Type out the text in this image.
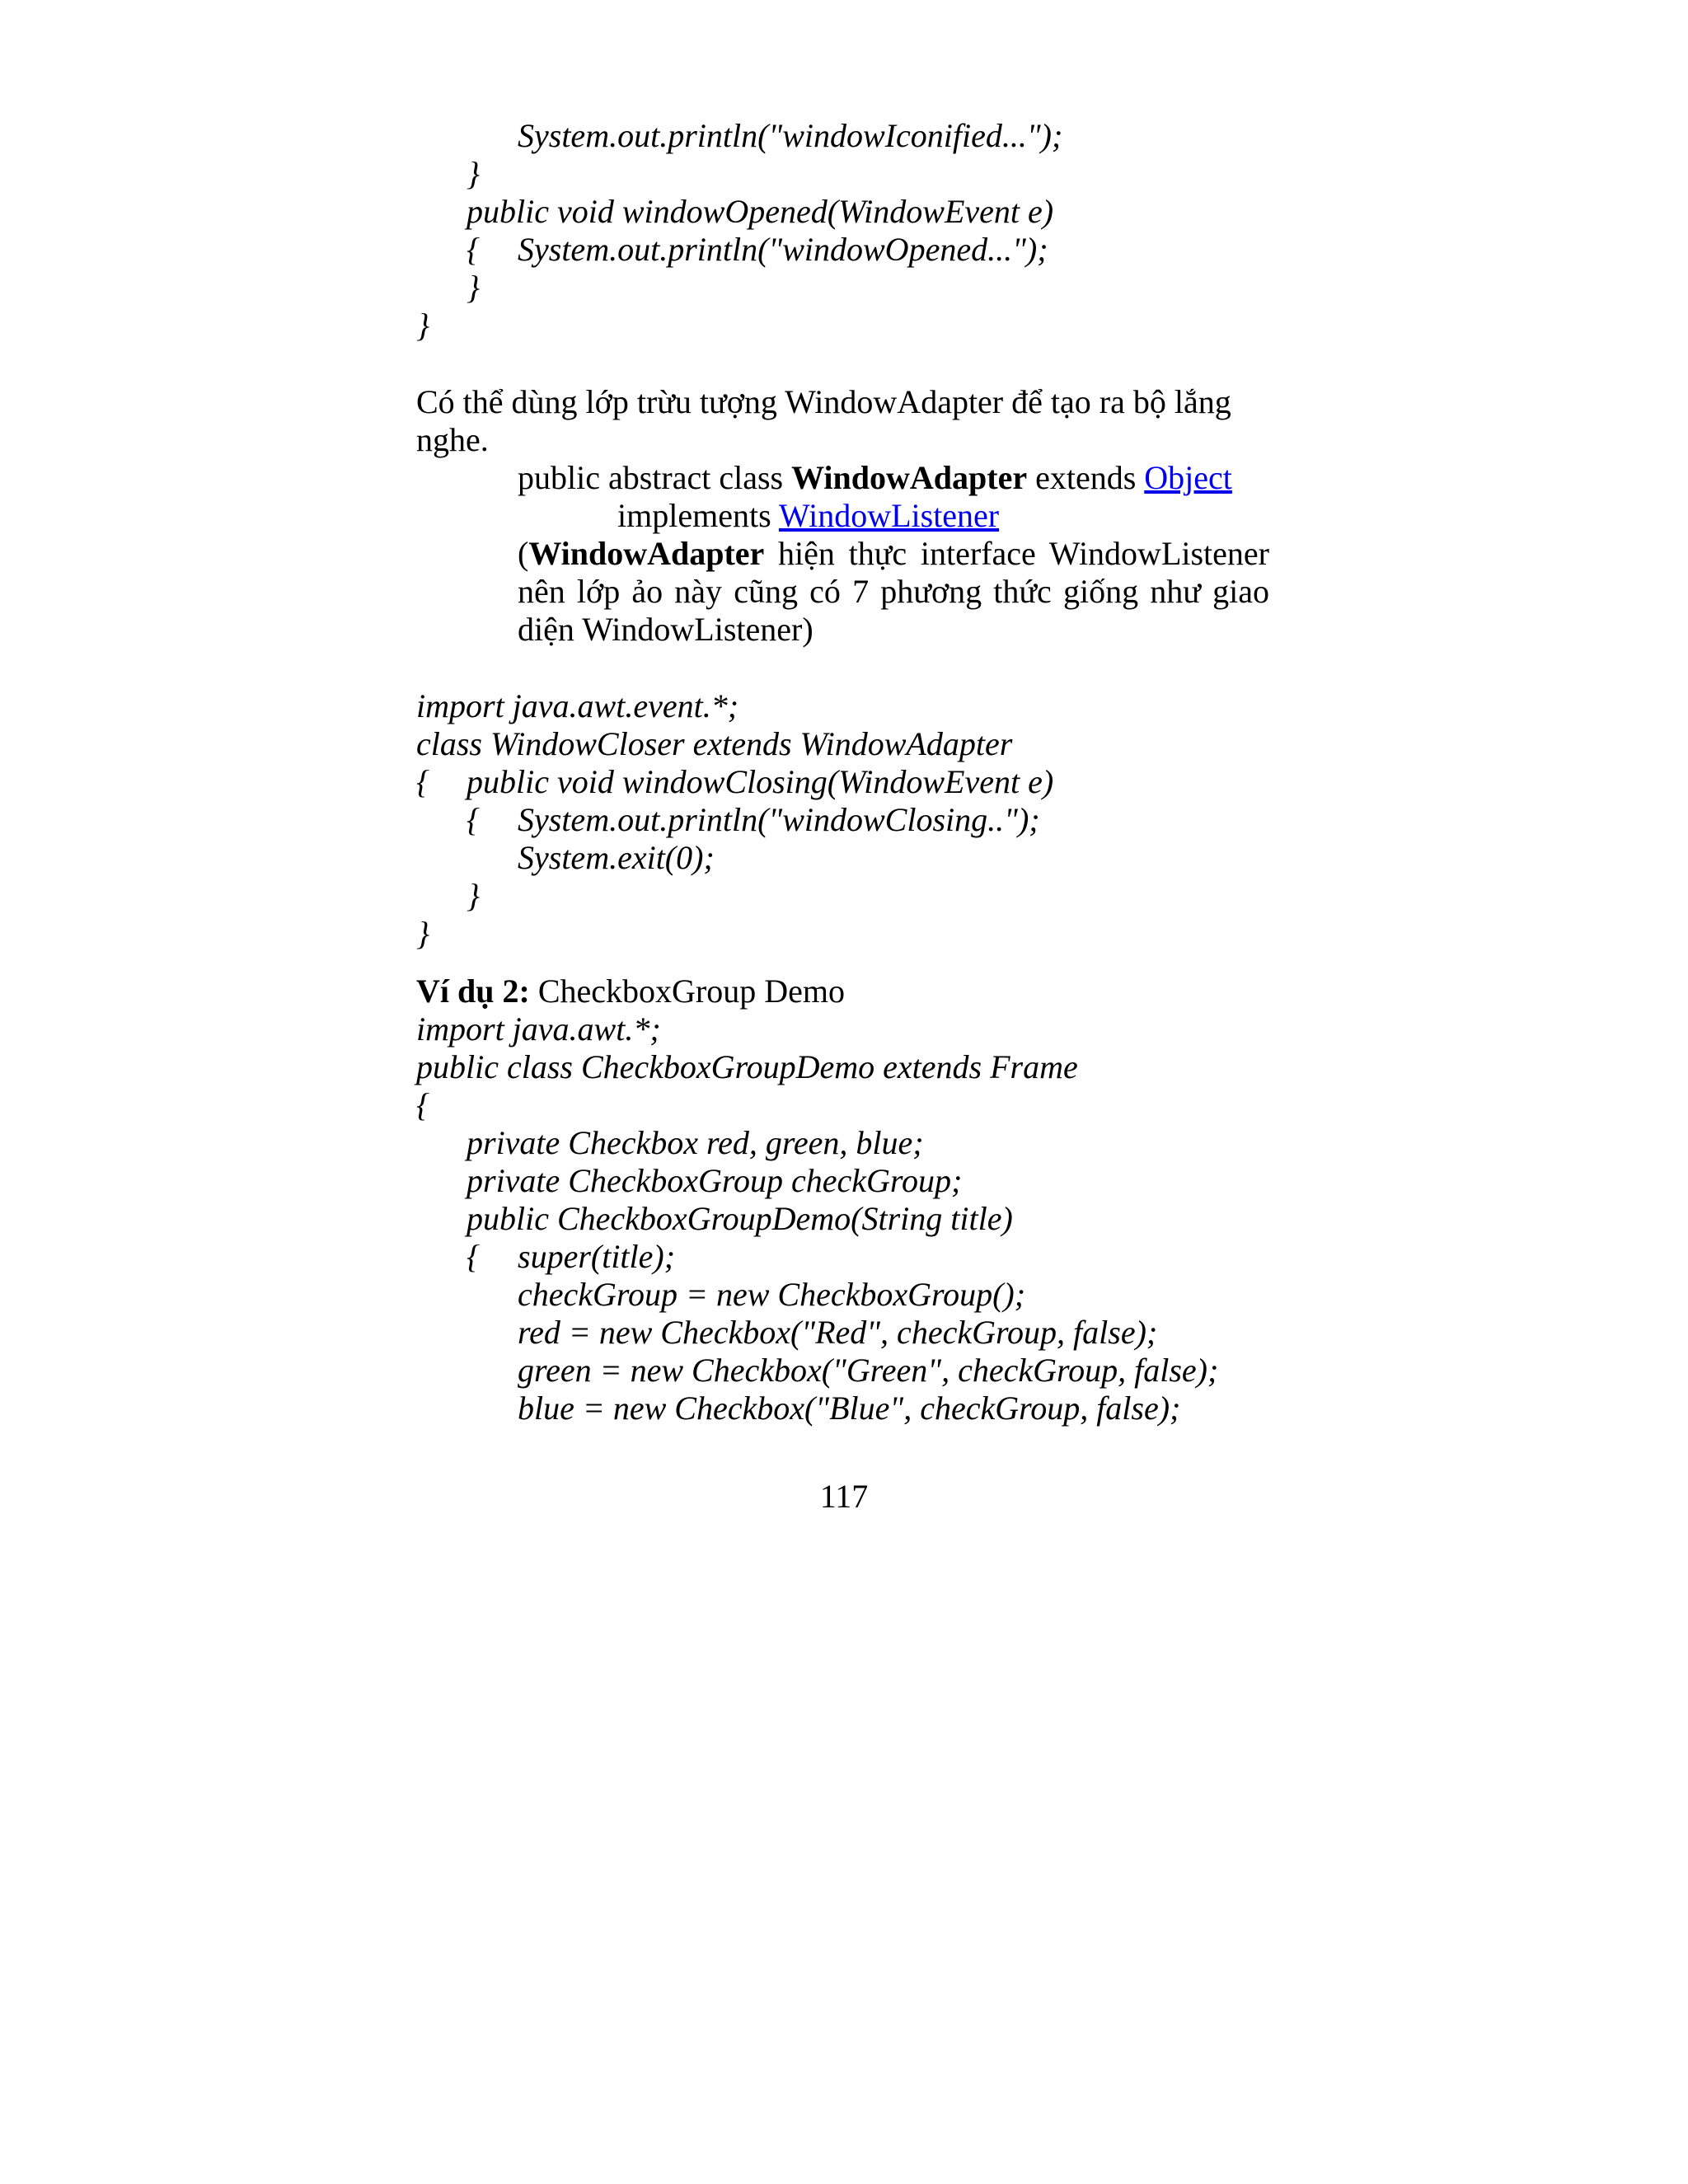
System.out.println("windowIconified...");
}
public void windowOpened(WindowEvent e)
{ System.out.println("windowOpened...");
}
}
Có thể dùng lớp trừu tượng WindowAdapter để tạo ra bộ lắng
nghe.
public abstract class WindowAdapter extends Object
implements WindowListener
(WindowAdapter hiện thực interface WindowListener nên lớp ảo này cũng có 7 phương thức giống như giao diện WindowListener)
import java.awt.event.*;
class WindowCloser extends WindowAdapter
{ public void windowClosing(WindowEvent e)
{ System.out.println("windowClosing..");
System.exit(0);
}
}
Ví dụ 2: CheckboxGroup Demo
import java.awt.*;
public class CheckboxGroupDemo extends Frame
{
private Checkbox red, green, blue;
private CheckboxGroup checkGroup;
public CheckboxGroupDemo(String title)
{ super(title);
checkGroup = new CheckboxGroup();
red = new Checkbox("Red", checkGroup, false);
green = new Checkbox("Green", checkGroup, false);
blue = new Checkbox("Blue", checkGroup, false);
117
